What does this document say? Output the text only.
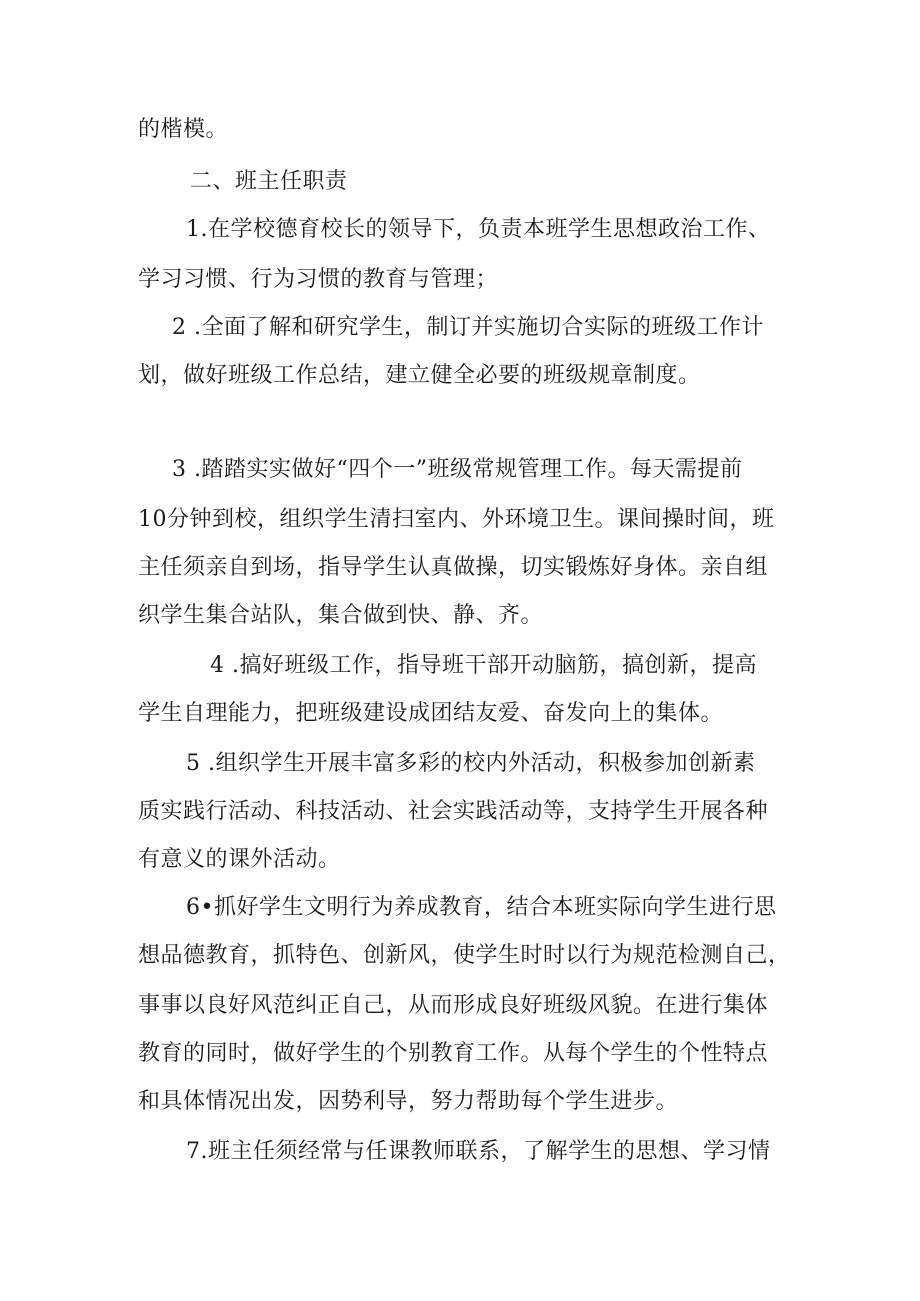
的楷模。
二、班主任职责
1.在学校德育校长的领导下，负责本班学生思想政治工作、
学习习惯、行为习惯的教育与管理；
2 .全面了解和研究学生，制订并实施切合实际的班级工作计
划，做好班级工作总结，建立健全必要的班级规章制度。
3 .踏踏实实做好“四个一”班级常规管理工作。每天需提前
10分钟到校，组织学生清扫室内、外环境卫生。课间操时间，班
主任须亲自到场，指导学生认真做操，切实锻炼好身体。亲自组
织学生集合站队，集合做到快、静、齐。
4 .搞好班级工作，指导班干部开动脑筋，搞创新，提高
学生自理能力，把班级建设成团结友爱、奋发向上的集体。
5 .组织学生开展丰富多彩的校内外活动，积极参加创新素
质实践行活动、科技活动、社会实践活动等，支持学生开展各种
有意义的课外活动。
6•抓好学生文明行为养成教育，结合本班实际向学生进行思
想品德教育，抓特色、创新风，使学生时时以行为规范检测自己，
事事以良好风范纠正自己，从而形成良好班级风貌。在进行集体
教育的同时，做好学生的个别教育工作。从每个学生的个性特点
和具体情况出发，因势利导，努力帮助每个学生进步。
7.班主任须经常与任课教师联系，了解学生的思想、学习情
